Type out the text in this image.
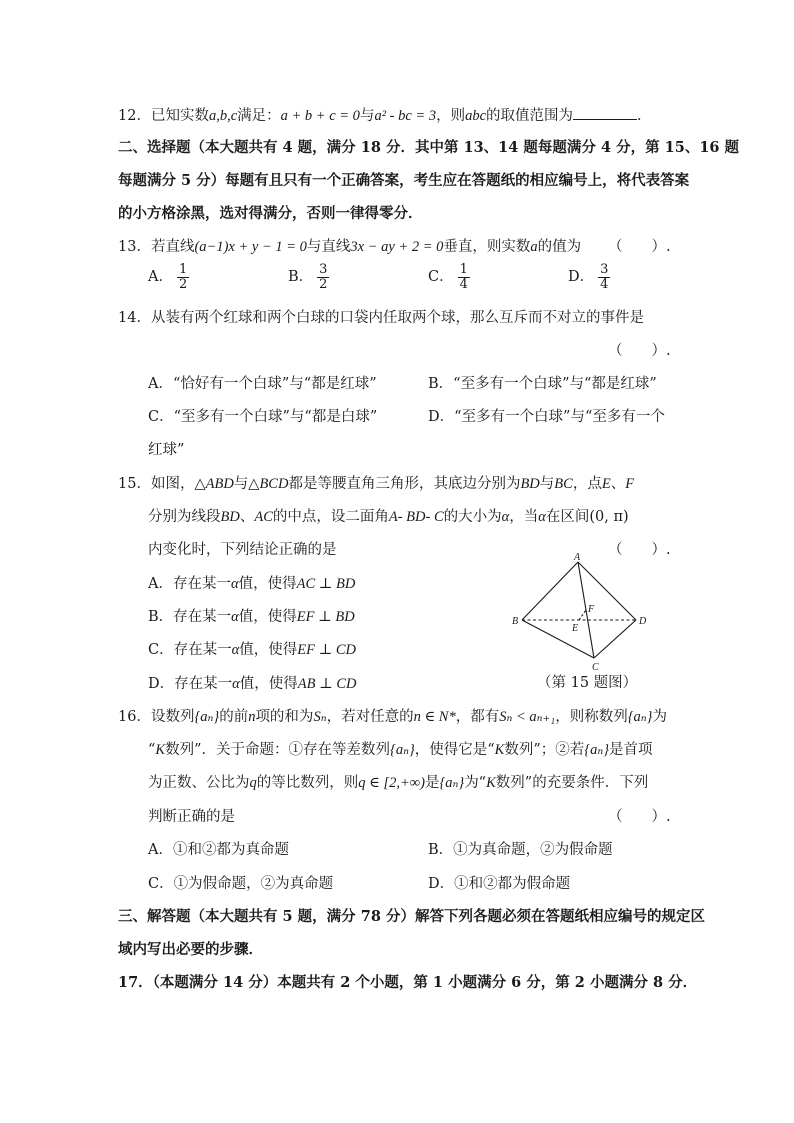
12．已知实数a,b,c满足：a + b + c = 0与a² - bc = 3，则abc的取值范围为	．
二、选择题（本大题共有 4 题，满分 18 分．其中第 13、14 题每题满分 4 分，第 15、16 题
每题满分 5 分）每题有且只有一个正确答案，考生应在答题纸的相应编号上，将代表答案
的小方格涂黑，选对得满分，否则一律得零分．
13．若直线(a−1)x + y − 1 = 0与直线3x − ay + 2 = 0垂直，则实数a的值为 （　　）.
A． $\frac{1}{2}$	B． $\frac{3}{2}$	C． $\frac{1}{4}$	D． $\frac{3}{4}$
14．从装有两个红球和两个白球的口袋内任取两个球，那么互斥而不对立的事件是
（　　）.
A．“恰好有一个白球”与“都是红球”	B．“至多有一个白球”与“都是红球”
C．“至多有一个白球”与“都是白球”	D．“至多有一个白球”与“至多有一个
红球”
15．如图，△ABD与△BCD都是等腰直角三角形，其底边分别为BD与BC，点E、F
分别为线段BD、AC的中点，设二面角A- BD- C的大小为α，当α在区间(0, π)
内变化时，下列结论正确的是	（　　）.
A．存在某一α值，使得AC ⊥ BD
B．存在某一α值，使得EF ⊥ BD
C．存在某一α值，使得EF ⊥ CD
D．存在某一α值，使得AB ⊥ CD
A
B
C
D
E
F
（第 15 题图）
16．设数列{aₙ}的前n项的和为Sₙ，若对任意的n ∈ N*，都有Sₙ < aₙ₊₁，则称数列{aₙ}为
“K数列”．关于命题：①存在等差数列{aₙ}，使得它是“K数列”；②若{aₙ}是首项
为正数、公比为q的等比数列，则q ∈ [2,+∞)是{aₙ}为“K数列”的充要条件．下列
判断正确的是	（　　）.
A．①和②都为真命题	B．①为真命题，②为假命题
C．①为假命题，②为真命题	D．①和②都为假命题
三、解答题（本大题共有 5 题，满分 78 分）解答下列各题必须在答题纸相应编号的规定区
域内写出必要的步骤．
17．（本题满分 14 分）本题共有 2 个小题，第 1 小题满分 6 分，第 2 小题满分 8 分．
